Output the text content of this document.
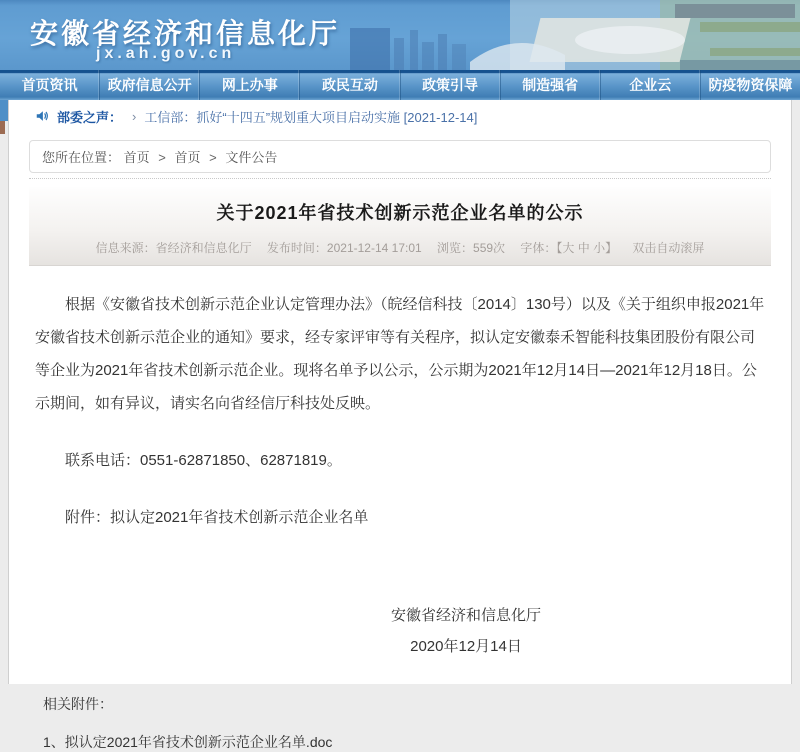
安徽省经济和信息化厅
jx.ah.gov.cn
首页资讯	政府信息公开	网上办事	政民互动	政策引导	制造强省	企业云	防疫物资保障
部委之声： › 工信部：抓好“十四五”规划重大项目启动实施 [2021-12-14]
您所在位置： 首页 > 首页 > 文件公告
关于2021年省技术创新示范企业名单的公示
信息来源：省经济和信息化厅 发布时间：2021-12-14 17:01 浏览：559次 字体：【大 中 小】 双击自动滚屏

根据《安徽省技术创新示范企业认定管理办法》（皖经信科技〔2014〕130号）以及《关于组织申报2021年安徽省技术创新示范企业的通知》要求，经专家评审等有关程序，拟认定安徽泰禾智能科技集团股份有限公司等企业为2021年省技术创新示范企业。现将名单予以公示，公示期为2021年12月14日—2021年12月18日。公示期间，如有异议，请实名向省经信厅科技处反映。

联系电话：0551-62871850、62871819。

附件：拟认定2021年省技术创新示范企业名单

安徽省经济和信息化厅
2020年12月14日
相关附件：
1、拟认定2021年省技术创新示范企业名单.doc
